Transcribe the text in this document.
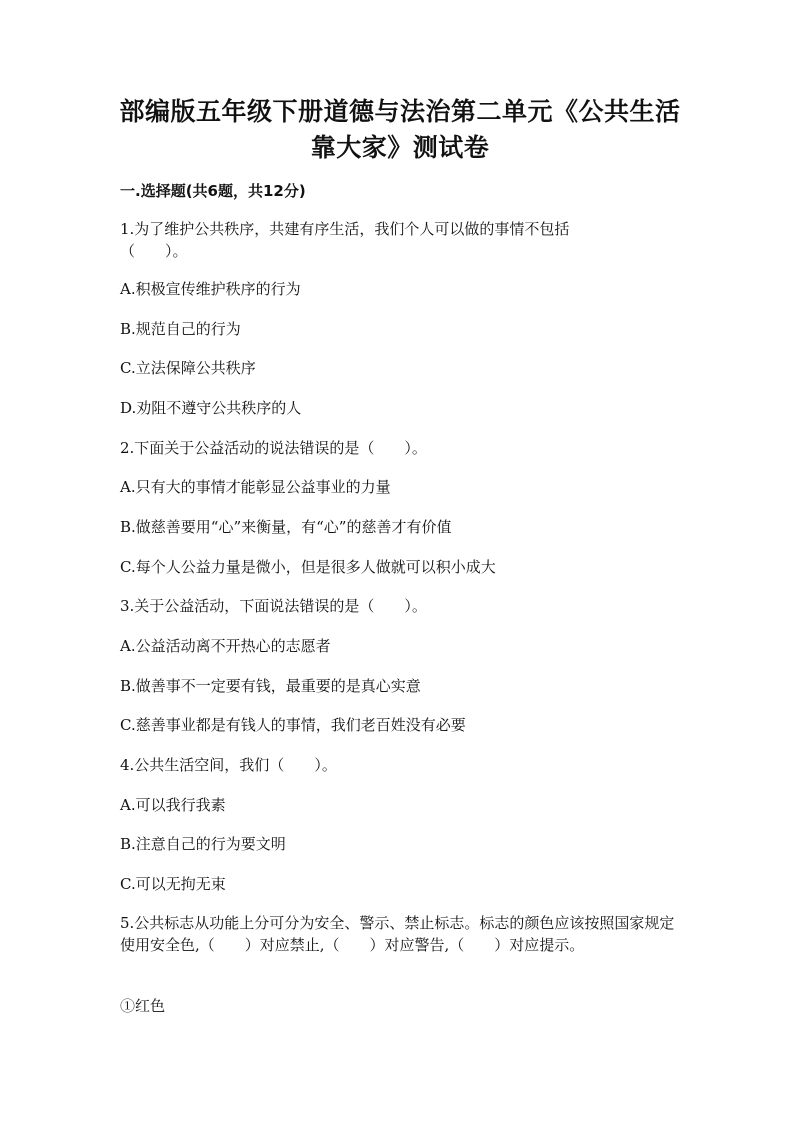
部编版五年级下册道德与法治第二单元《公共生活
靠大家》测试卷
一.选择题(共6题，共12分)
1.为了维护公共秩序，共建有序生活，我们个人可以做的事情不包括
（　　）。
A.积极宣传维护秩序的行为
B.规范自己的行为
C.立法保障公共秩序
D.劝阻不遵守公共秩序的人
2.下面关于公益活动的说法错误的是（　　）。
A.只有大的事情才能彰显公益事业的力量
B.做慈善要用“心”来衡量，有“心”的慈善才有价值
C.每个人公益力量是微小，但是很多人做就可以积小成大
3.关于公益活动，下面说法错误的是（　　）。
A.公益活动离不开热心的志愿者
B.做善事不一定要有钱，最重要的是真心实意
C.慈善事业都是有钱人的事情，我们老百姓没有必要
4.公共生活空间，我们（　　）。
A.可以我行我素
B.注意自己的行为要文明
C.可以无拘无束
5.公共标志从功能上分可分为安全、警示、禁止标志。标志的颜色应该按照国家规定使用安全色,（　　）对应禁止,（　　）对应警告,（　　）对应提示。
①红色
